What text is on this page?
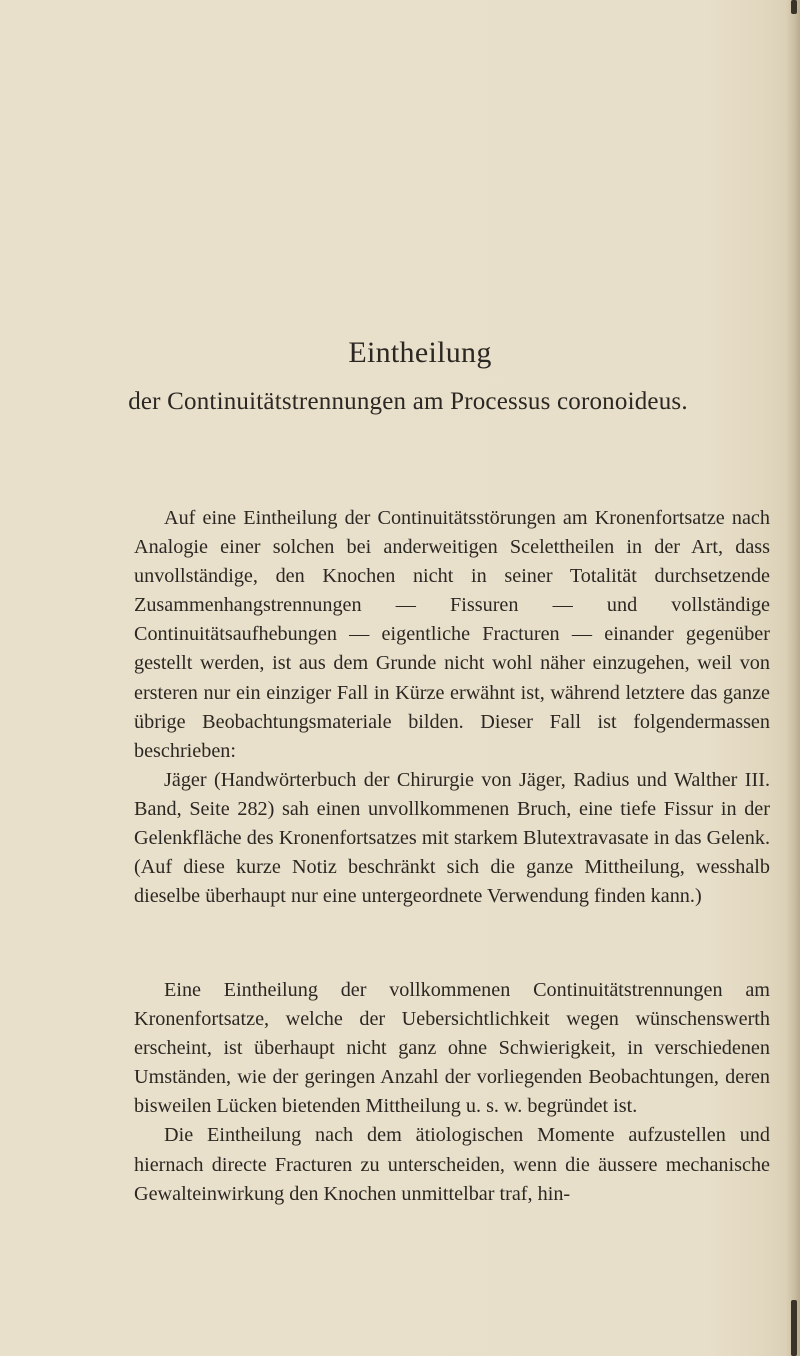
Eintheilung
der Continuitätstrennungen am Processus coronoideus.

Auf eine Eintheilung der Continuitätsstörungen am Kronenfortsatze nach Analogie einer solchen bei anderweitigen Scelettheilen in der Art, dass unvollständige, den Knochen nicht in seiner Totalität durchsetzende Zusammenhangstrennungen — Fissuren — und vollständige Continuitätsaufhebungen — eigentliche Fracturen — einander gegenüber gestellt werden, ist aus dem Grunde nicht wohl näher einzugehen, weil von ersteren nur ein einziger Fall in Kürze erwähnt ist, während letztere das ganze übrige Beobachtungsmateriale bilden. Dieser Fall ist folgendermassen beschrieben:

Jäger (Handwörterbuch der Chirurgie von Jäger, Radius und Walther III. Band, Seite 282) sah einen unvollkommenen Bruch, eine tiefe Fissur in der Gelenkfläche des Kronenfortsatzes mit starkem Blutextravasate in das Gelenk. (Auf diese kurze Notiz beschränkt sich die ganze Mittheilung, wesshalb dieselbe überhaupt nur eine untergeordnete Verwendung finden kann.)

Eine Eintheilung der vollkommenen Continuitätstrennungen am Kronenfortsatze, welche der Uebersichtlichkeit wegen wünschenswerth erscheint, ist überhaupt nicht ganz ohne Schwierigkeit, in verschiedenen Umständen, wie der geringen Anzahl der vorliegenden Beobachtungen, deren bisweilen Lücken bietenden Mittheilung u. s. w. begründet ist.

Die Eintheilung nach dem ätiologischen Momente aufzustellen und hiernach directe Fracturen zu unterscheiden, wenn die äussere mechanische Gewalteinwirkung den Knochen unmittelbar traf, hin-
